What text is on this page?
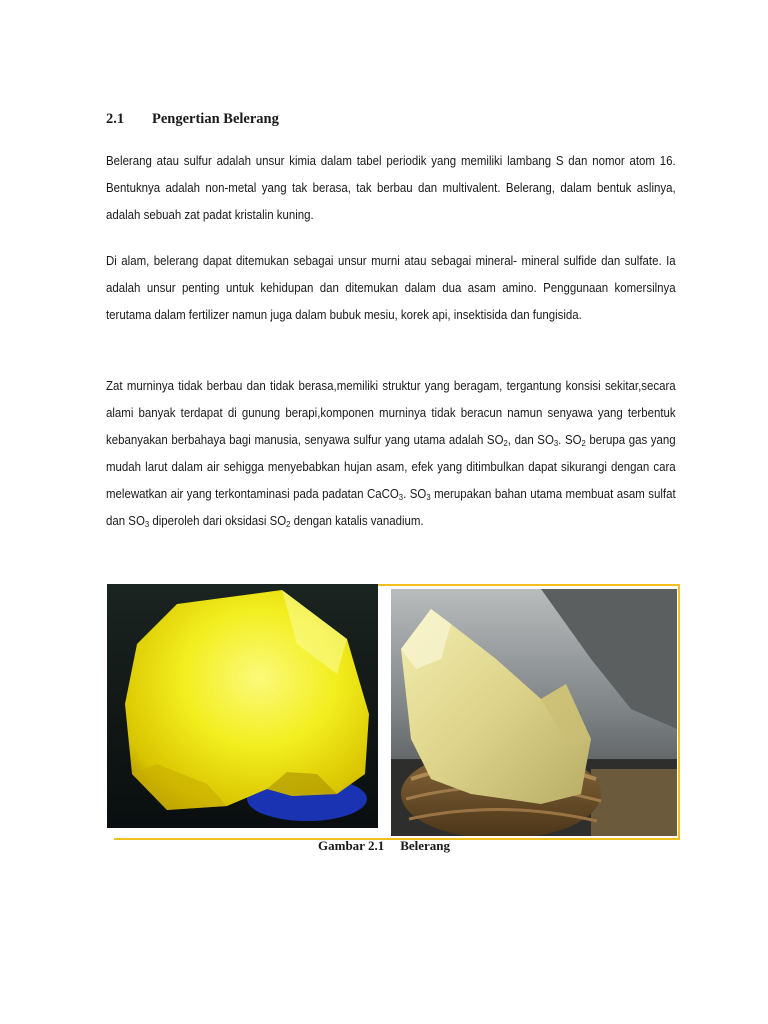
2.1 Pengertian Belerang
Belerang atau sulfur adalah unsur kimia dalam tabel periodik yang memiliki lambang S dan nomor atom 16. Bentuknya adalah non-metal yang tak berasa, tak berbau dan multivalent. Belerang, dalam bentuk aslinya, adalah sebuah zat padat kristalin kuning.
Di alam, belerang dapat ditemukan sebagai unsur murni atau sebagai mineral- mineral sulfide dan sulfate. Ia adalah unsur penting untuk kehidupan dan ditemukan dalam dua asam amino. Penggunaan komersilnya terutama dalam fertilizer namun juga dalam bubuk mesiu, korek api, insektisida dan fungisida.
Zat murninya tidak berbau dan tidak berasa,memiliki struktur yang beragam, tergantung konsisi sekitar,secara alami banyak terdapat di gunung berapi,komponen murninya tidak beracun namun senyawa yang terbentuk kebanyakan berbahaya bagi manusia, senyawa sulfur yang utama adalah $SO_2$, dan $SO_3$. $SO_2$ berupa gas yang mudah larut dalam air sehigga menyebabkan hujan asam, efek yang ditimbulkan dapat sikurangi dengan cara melewatkan air yang terkontaminasi pada padatan CaCO$_3$. $SO_3$ merupakan bahan utama membuat asam sulfat dan $SO_3$ diperoleh dari oksidasi $SO_2$ dengan katalis vanadium.
Gambar 2.1 Belerang
